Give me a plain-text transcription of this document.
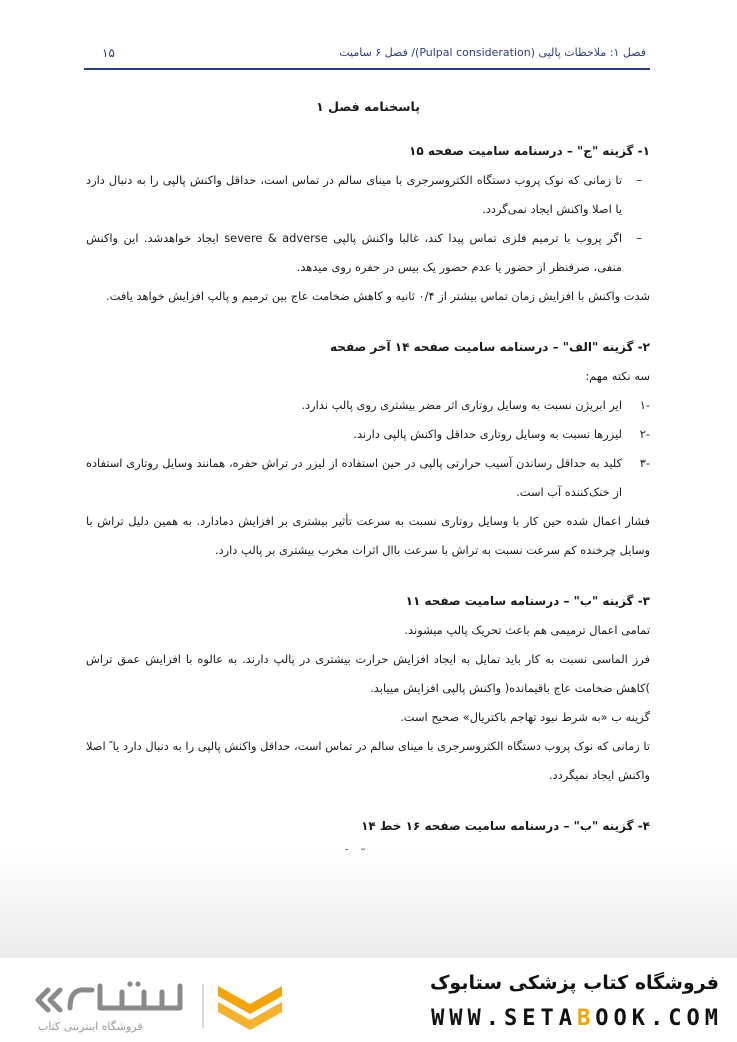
۱۵	فصل ۱: ملاحظات پالپی (Pulpal consideration)/ فصل ۶ سامیت
پاسخنامه فصل ۱
۱- گزینه "ج" – درسنامه سامیت صفحه ۱۵

–
تا زمانی که نوک پروب دستگاه الکتروسرجری با مینای سالم در تماس است، حداقل واکنش پالپی را به دنبال دارد یا اصلا واکنش ایجاد نمی‌گردد.

–
اگر پروب با ترمیم فلزی تماس پیدا کند، غالبا واکنش پالپی severe & adverse ایجاد خواهدشد. این واکنش منفی، صرفنظر از حضور یا عدم حضور یک بیس در حفره روی میدهد.

شدت واکنش با افزایش زمان تماس بیشتر از ۰/۴ ثانیه و کاهش ضخامت عاج بین ترمیم و پالپ افزایش خواهد یافت.

۲- گزینه "الف" – درسنامه سامیت صفحه ۱۴ آخر صفحه

سه نکته مهم:

-۱
ایر ابریژن نسبت به وسایل روتاری اثر مضر بیشتری روی پالپ ندارد.

-۲
لیزرها نسبت به وسایل روتاری حداقل واکنش پالپی دارند.

-۳
کلید به حداقل رساندن آسیب حرارتی پالپی در حین استفاده از لیزر در تراش حفره، همانند وسایل روتاری استفاده از خنک‌کننده آب است.

فشار اعمال شده حین کار با وسایل روتاری نسبت به سرعت تأثیر بیشتری بر افزایش دمادارد. به همین دلیل تراش با وسایل چرخنده کم سرعت نسبت به تراش با سرعت باال اثرات مخرب بیشتری بر پالپ دارد.

۳- گزینه "ب" – درسنامه سامیت صفحه ۱۱

تمامی اعمال ترمیمی هم باعث تحریک پالپ میشوند.

فرز الماسی نسبت به کار باید تمایل به ایجاد افزایش حرارت بیشتری در پالپ دارند. به عالوه با افزایش عمق تراش )کاهش ضخامت عاج باقیمانده( واکنش پالپی افزایش مییابد.

گزینه ب «به شرط نبود تهاجم باکتریال» صحیح است.

تا زمانی که نوک پروب دستگاه الکتروسرجری با مینای سالم در تماس است، حداقل واکنش پالپی را به دنبال دارد یا ً اصلا واکنش ایجاد نمیگردد.

۴- گزینه "ب" – درسنامه سامیت صفحه ۱۶ خط ۱۴

فروشگاه اینترنتی کتاب
فروشگاه کتاب پزشکی ستابوک
WWW.SETABOOK.COM
